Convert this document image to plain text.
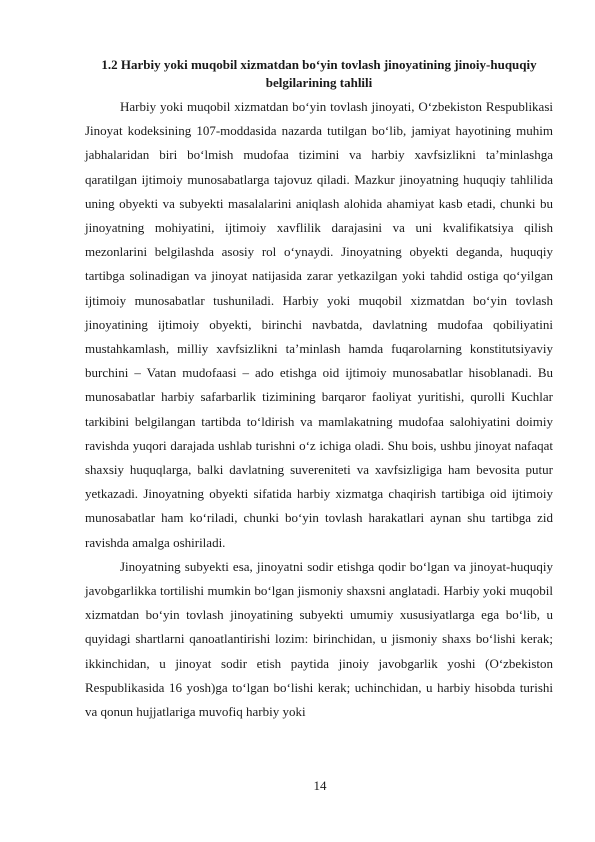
1.2 Harbiy yoki muqobil xizmatdan bo‘yin tovlash jinoyatining jinoiy-huquqiy belgilarining tahlili

Harbiy yoki muqobil xizmatdan bo‘yin tovlash jinoyati, O‘zbekiston Respublikasi Jinoyat kodeksining 107-moddasida nazarda tutilgan bo‘lib, jamiyat hayotining muhim jabhalaridan biri bo‘lmish mudofaa tizimini va harbiy xavfsizlikni ta’minlashga qaratilgan ijtimoiy munosabatlarga tajovuz qiladi. Mazkur jinoyatning huquqiy tahlilida uning obyekti va subyekti masalalarini aniqlash alohida ahamiyat kasb etadi, chunki bu jinoyatning mohiyatini, ijtimoiy xavflilik darajasini va uni kvalifikatsiya qilish mezonlarini belgilashda asosiy rol o‘ynaydi. Jinoyatning obyekti deganda, huquqiy tartibga solinadigan va jinoyat natijasida zarar yetkazilgan yoki tahdid ostiga qo‘yilgan ijtimoiy munosabatlar tushuniladi. Harbiy yoki muqobil xizmatdan bo‘yin tovlash jinoyatining ijtimoiy obyekti, birinchi navbatda, davlatning mudofaa qobiliyatini mustahkamlash, milliy xavfsizlikni ta’minlash hamda fuqarolarning konstitutsiyaviy burchini – Vatan mudofaasi – ado etishga oid ijtimoiy munosabatlar hisoblanadi. Bu munosabatlar harbiy safarbarlik tizimining barqaror faoliyat yuritishi, qurolli Kuchlar tarkibini belgilangan tartibda to‘ldirish va mamlakatning mudofaa salohiyatini doimiy ravishda yuqori darajada ushlab turishni o‘z ichiga oladi. Shu bois, ushbu jinoyat nafaqat shaxsiy huquqlarga, balki davlatning suvereniteti va xavfsizligiga ham bevosita putur yetkazadi. Jinoyatning obyekti sifatida harbiy xizmatga chaqirish tartibiga oid ijtimoiy munosabatlar ham ko‘riladi, chunki bo‘yin tovlash harakatlari aynan shu tartibga zid ravishda amalga oshiriladi.

Jinoyatning subyekti esa, jinoyatni sodir etishga qodir bo‘lgan va jinoyat-huquqiy javobgarlikka tortilishi mumkin bo‘lgan jismoniy shaxsni anglatadi. Harbiy yoki muqobil xizmatdan bo‘yin tovlash jinoyatining subyekti umumiy xususiyatlarga ega bo‘lib, u quyidagi shartlarni qanoatlantirishi lozim: birinchidan, u jismoniy shaxs bo‘lishi kerak; ikkinchidan, u jinoyat sodir etish paytida jinoiy javobgarlik yoshi (O‘zbekiston Respublikasida 16 yosh)ga to‘lgan bo‘lishi kerak; uchinchidan, u harbiy hisobda turishi va qonun hujjatlariga muvofiq harbiy yoki

14
